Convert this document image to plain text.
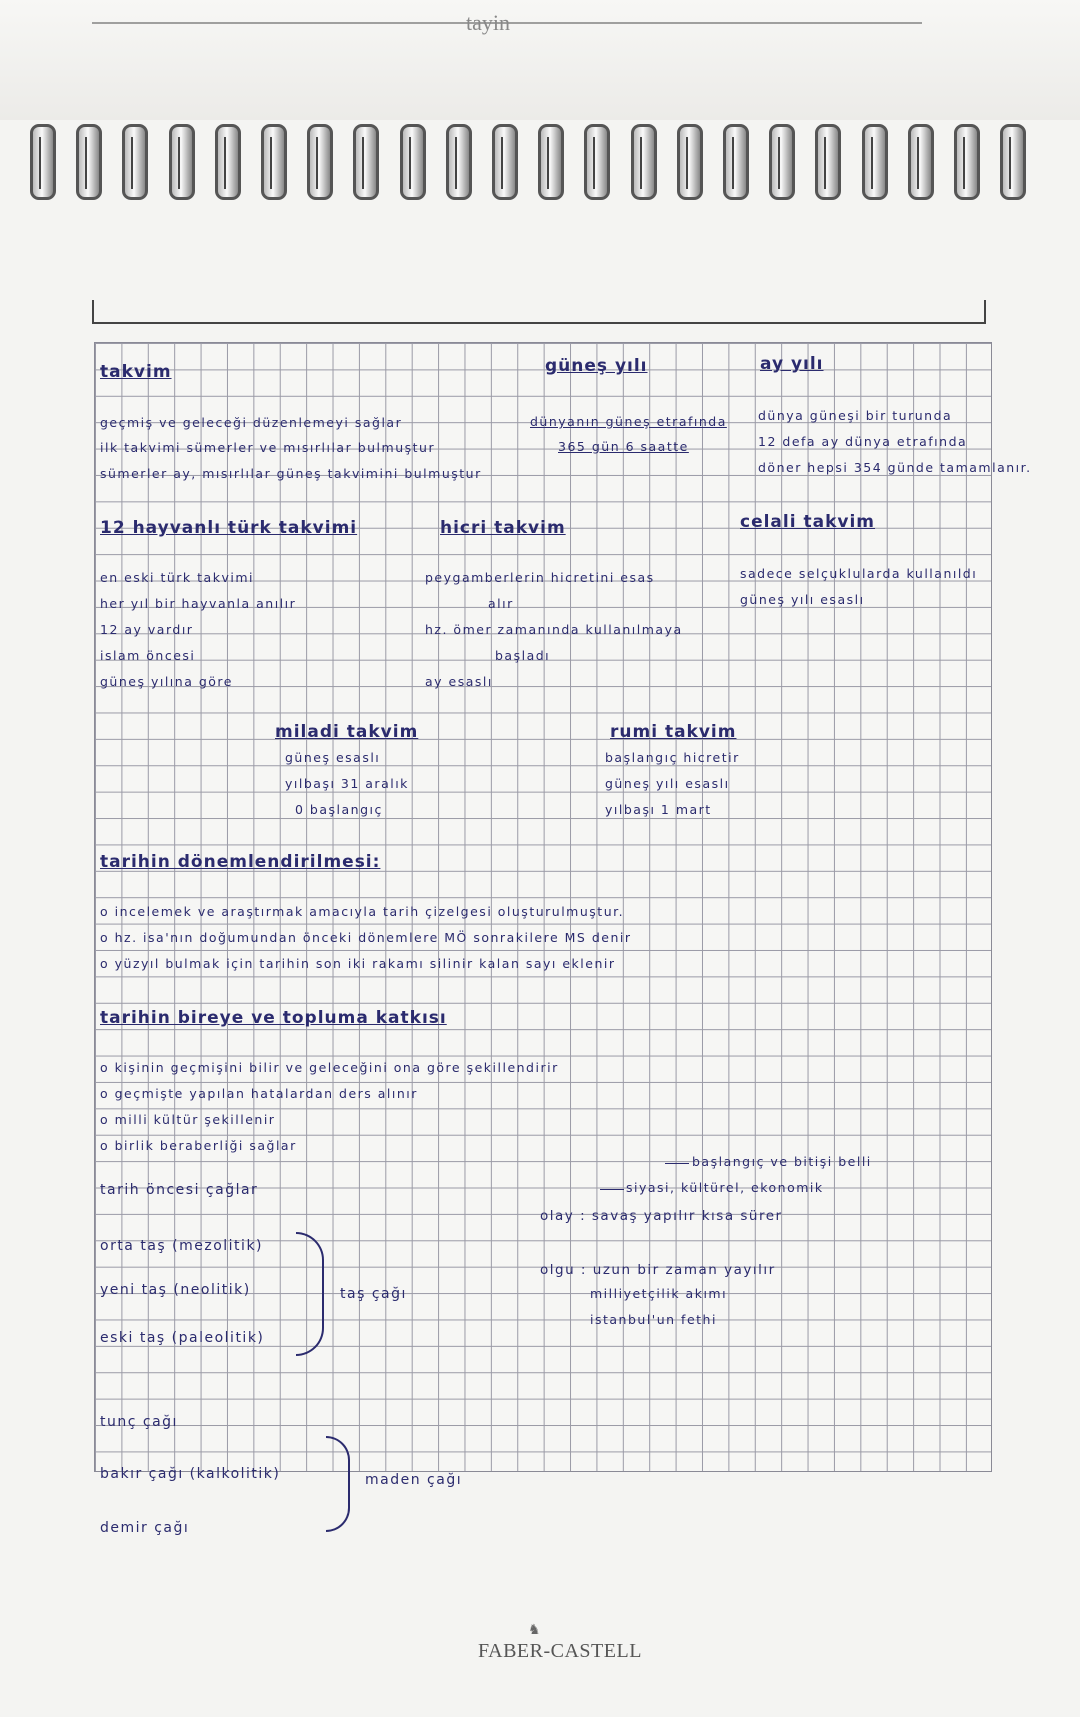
tayin
takvim
geçmiş ve geleceği düzenlemeyi sağlar
ilk takvimi sümerler ve mısırlılar bulmuştur
sümerler ay, mısırlılar güneş takvimini bulmuştur
güneş yılı
dünyanın güneş etrafında
365 gün 6 saatte
ay yılı
dünya güneşi bir turunda
12 defa ay dünya etrafında
döner hepsi 354 günde tamamlanır.
12 hayvanlı türk takvimi
en eski türk takvimi
her yıl bir hayvanla anılır
12 ay vardır
islam öncesi
güneş yılına göre
hicri takvim
peygamberlerin hicretini esas
alır
hz. ömer zamanında kullanılmaya
başladı
ay esaslı
celali takvim
sadece selçuklularda kullanıldı
güneş yılı esaslı
miladi takvim
güneş esaslı
yılbaşı 31 aralık
0 başlangıç
rumi takvim
başlangıç hicretir
güneş yılı esaslı
yılbaşı 1 mart
tarihin dönemlendirilmesi:
o incelemek ve araştırmak amacıyla tarih çizelgesi oluşturulmuştur.
o hz. isa'nın doğumundan önceki dönemlere MÖ sonrakilere MS denir
o yüzyıl bulmak için tarihin son iki rakamı silinir kalan sayı eklenir
tarihin bireye ve topluma katkısı
o kişinin geçmişini bilir ve geleceğini ona göre şekillendirir
o geçmişte yapılan hatalardan ders alınır
o milli kültür şekillenir
o birlik beraberliği sağlar
tarih öncesi çağlar
orta taş (mezolitik)
yeni taş (neolitik)
eski taş (paleolitik)
taş çağı
tunç çağı
bakır çağı (kalkolitik)
demir çağı
maden çağı
başlangıç ve bitişi belli
siyasi, kültürel, ekonomik
olay : savaş yapılır kısa sürer
olgu : uzun bir zaman yayılır
milliyetçilik akımı
istanbul'un fethi
♞
FABER-CASTELL
